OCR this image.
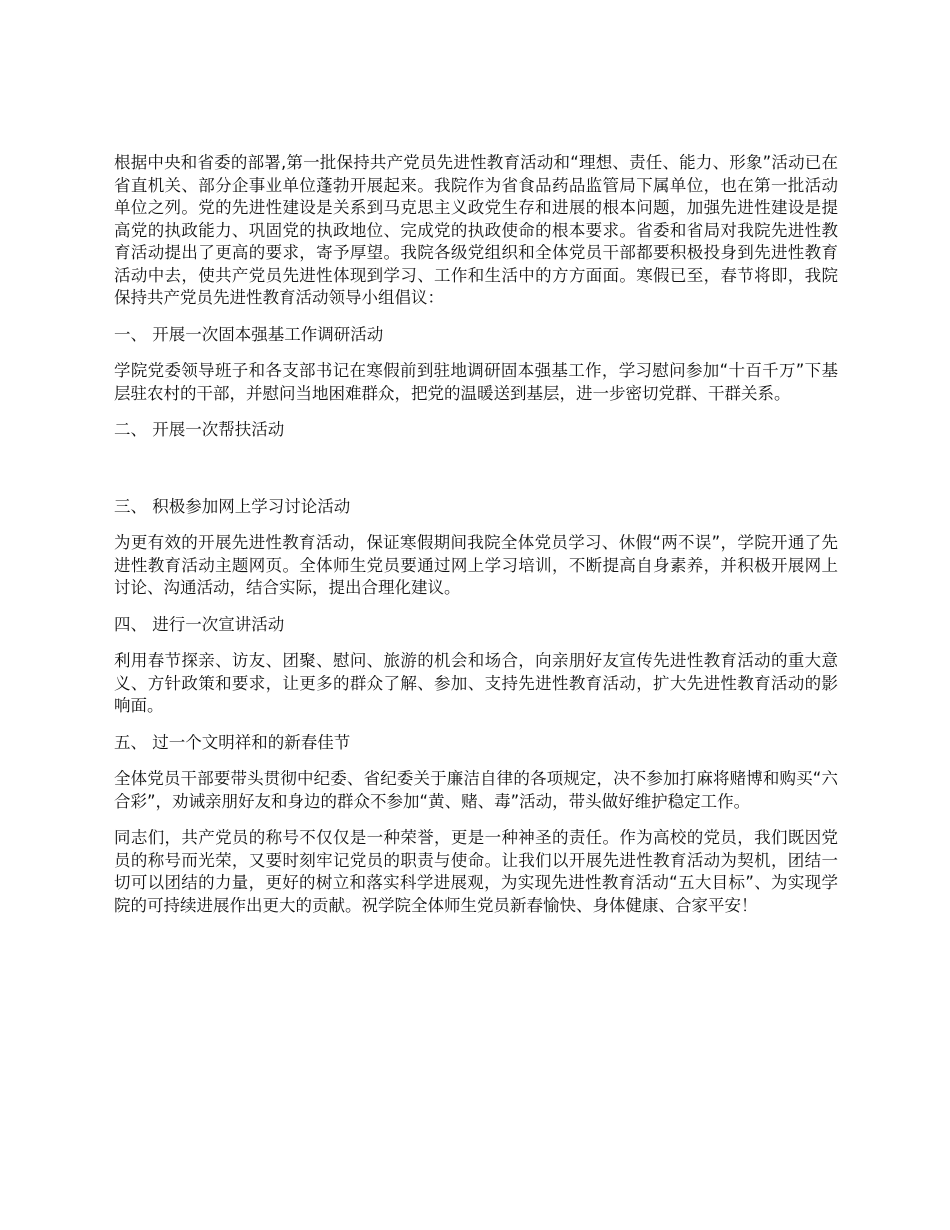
根据中央和省委的部署,第一批保持共产党员先进性教育活动和“理想、责任、能力、形象”活动已在省直机关、部分企事业单位蓬勃开展起来。我院作为省食品药品监管局下属单位，也在第一批活动单位之列。党的先进性建设是关系到马克思主义政党生存和进展的根本问题，加强先进性建设是提高党的执政能力、巩固党的执政地位、完成党的执政使命的根本要求。省委和省局对我院先进性教育活动提出了更高的要求，寄予厚望。我院各级党组织和全体党员干部都要积极投身到先进性教育活动中去，使共产党员先进性体现到学习、工作和生活中的方方面面。寒假已至，春节将即，我院保持共产党员先进性教育活动领导小组倡议：

一、 开展一次固本强基工作调研活动

学院党委领导班子和各支部书记在寒假前到驻地调研固本强基工作，学习慰问参加“十百千万”下基层驻农村的干部，并慰问当地困难群众，把党的温暖送到基层，进一步密切党群、干群关系。

二、 开展一次帮扶活动

三、 积极参加网上学习讨论活动

为更有效的开展先进性教育活动，保证寒假期间我院全体党员学习、休假“两不误”，学院开通了先进性教育活动主题网页。全体师生党员要通过网上学习培训，不断提高自身素养，并积极开展网上讨论、沟通活动，结合实际，提出合理化建议。

四、 进行一次宣讲活动

利用春节探亲、访友、团聚、慰问、旅游的机会和场合，向亲朋好友宣传先进性教育活动的重大意义、方针政策和要求，让更多的群众了解、参加、支持先进性教育活动，扩大先进性教育活动的影响面。

五、 过一个文明祥和的新春佳节

全体党员干部要带头贯彻中纪委、省纪委关于廉洁自律的各项规定，决不参加打麻将赌博和购买“六合彩”，劝诫亲朋好友和身边的群众不参加“黄、赌、毒”活动，带头做好维护稳定工作。

同志们，共产党员的称号不仅仅是一种荣誉，更是一种神圣的责任。作为高校的党员，我们既因党员的称号而光荣，又要时刻牢记党员的职责与使命。让我们以开展先进性教育活动为契机，团结一切可以团结的力量，更好的树立和落实科学进展观，为实现先进性教育活动“五大目标”、为实现学院的可持续进展作出更大的贡献。祝学院全体师生党员新春愉快、身体健康、合家平安！
